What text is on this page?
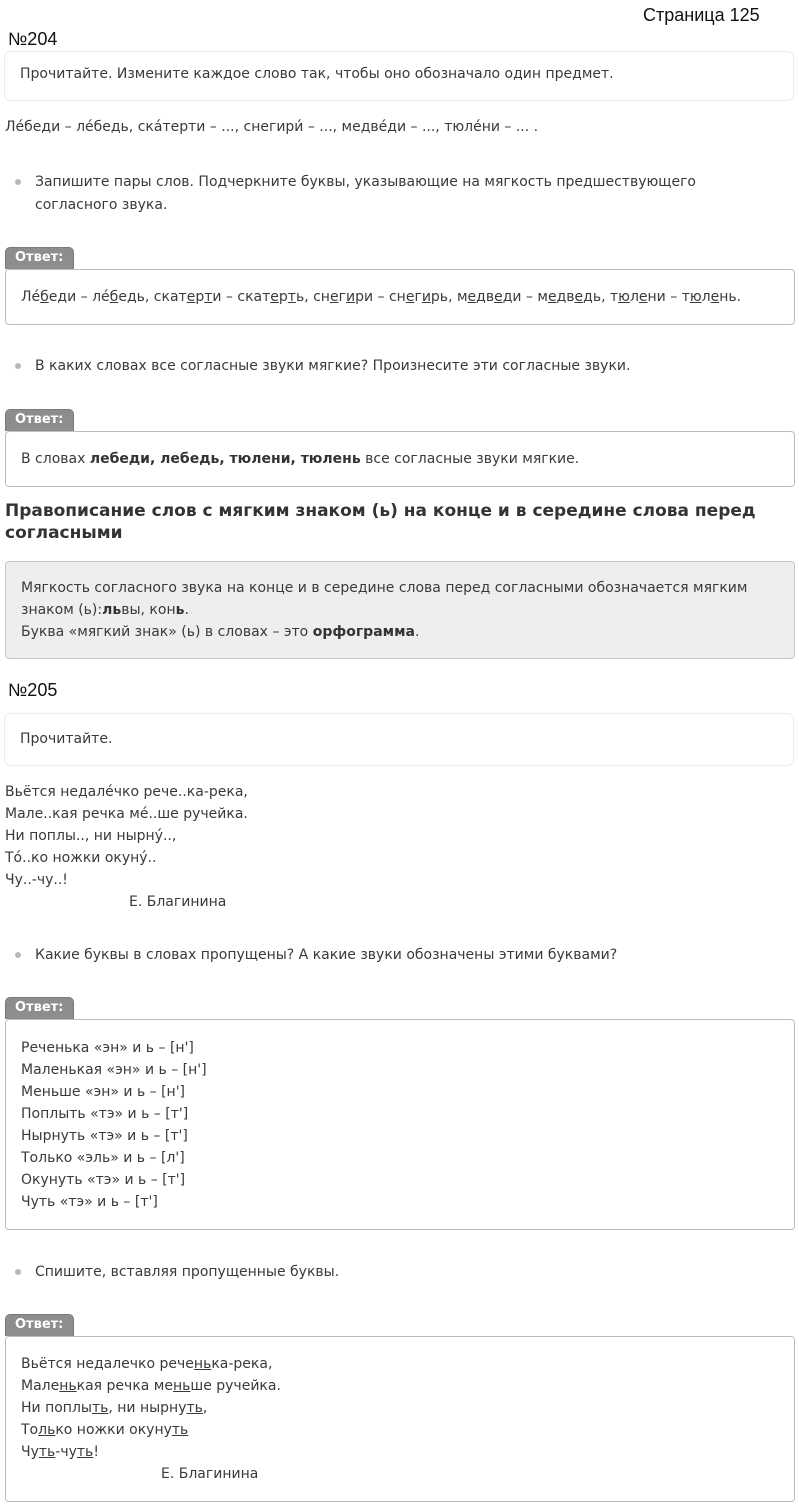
Страница 125
№204
Прочитайте. Измените каждое слово так, чтобы оно обозначало один предмет.
Ле́беди – ле́бедь, ска́терти – ..., снегири́ – ..., медве́ди – ..., тюле́ни – ... .
Запишите пары слов. Подчеркните буквы, указывающие на мягкость предшествующего согласного звука.
Ответ:
Ле́беди – ле́бедь, скатерти – скатерть, снегири – снегирь, медведи – медведь, тюлени – тюлень.
В каких словах все согласные звуки мягкие? Произнесите эти согласные звуки.
Ответ:
В словах лебеди, лебедь, тюлени, тюлень все согласные звуки мягкие.
Правописание слов с мягким знаком (ь) на конце и в середине слова перед согласными
Мягкость согласного звука на конце и в середине слова перед согласными обозначается мягким
знаком (ь):львы, конь.
Буква «мягкий знак» (ь) в словах – это орфограмма.
№205
Прочитайте.
Вьётся недале́чко рече..ка-река,
Мале..кая речка ме́..ше ручейка.
Ни поплы.., ни нырну́..,
То́..ко ножки окуну́..
Чу..-чу..!
Е. Благинина
Какие буквы в словах пропущены? А какие звуки обозначены этими буквами?
Ответ:
Реченька «эн» и ь – [н']
Маленькая «эн» и ь – [н']
Меньше «эн» и ь – [н']
Поплыть «тэ» и ь – [т']
Нырнуть «тэ» и ь – [т']
Только «эль» и ь – [л']
Окунуть «тэ» и ь – [т']
Чуть «тэ» и ь – [т']
Спишите, вставляя пропущенные буквы.
Ответ:
Вьётся недалечко реченька-река,
Маленькая речка меньше ручейка.
Ни поплыть, ни нырнуть,
Только ножки окунуть
Чуть-чуть!
Е. Благинина
